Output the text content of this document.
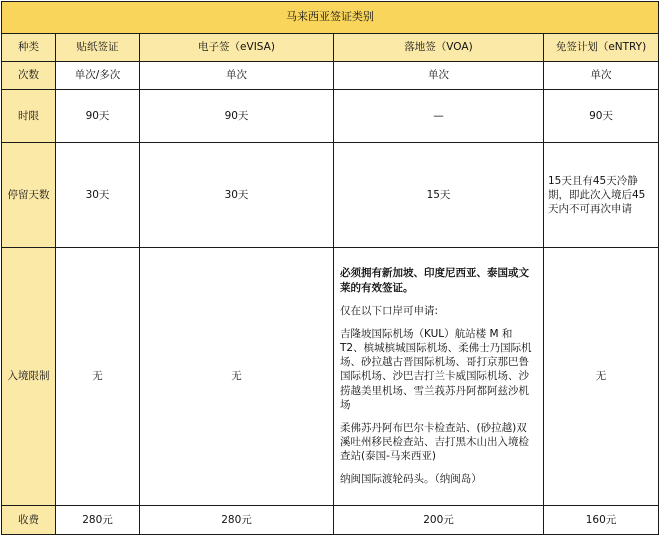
马来西亚签证类别				
种类	贴纸签证	电子签（eVISA)	落地签（VOA)	免签计划（eNTRY)
次数	单次/多次	单次	单次	单次
时限	90天	90天	—	90天
停留天数	30天	30天	15天	15天且有45天冷静期，即此次入境后45天内不可再次申请
入境限制	无	无	必须拥有新加坡、印度尼西亚、泰国或文莱的有效签证。
仅在以下口岸可申请:
吉隆坡国际机场（KUL）航站楼 M 和T2、槟城槟城国际机场、柔佛士乃国际机场、砂拉越古晋国际机场、哥打京那巴鲁国际机场、沙巴吉打兰卡威国际机场、沙捞越美里机场、雪兰莪苏丹阿都阿兹沙机场
柔佛苏丹阿布巴尔卡检查站、(砂拉越)双溪吐州移民检查站、吉打黑木山出入境检查站(泰国-马来西亚)
纳闽国际渡轮码头。（纳闽岛）	无
收费	280元	280元	200元	160元
